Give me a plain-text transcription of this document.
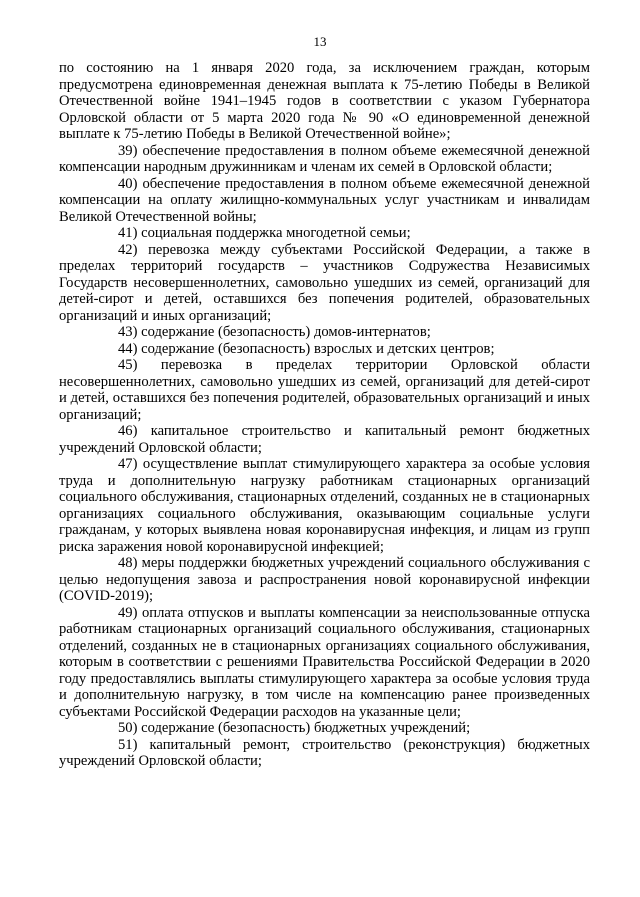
13

по состоянию на 1 января 2020 года, за исключением граждан, которым предусмотрена единовременная денежная выплата к 75-летию Победы в Великой Отечественной войне 1941–1945 годов в соответствии с указом Губернатора Орловской области от 5 марта 2020 года № 90 «О единовременной денежной выплате к 75-летию Победы в Великой Отечественной войне»;

39) обеспечение предоставления в полном объеме ежемесячной денежной компенсации народным дружинникам и членам их семей в Орловской области;

40) обеспечение предоставления в полном объеме ежемесячной денежной компенсации на оплату жилищно-коммунальных услуг участникам и инвалидам Великой Отечественной войны;

41) социальная поддержка многодетной семьи;

42) перевозка между субъектами Российской Федерации, а также в пределах территорий государств – участников Содружества Независимых Государств несовершеннолетних, самовольно ушедших из семей, организаций для детей-сирот и детей, оставшихся без попечения родителей, образовательных организаций и иных организаций;

43) содержание (безопасность) домов-интернатов;

44) содержание (безопасность) взрослых и детских центров;

45) перевозка в пределах территории Орловской области несовершеннолетних, самовольно ушедших из семей, организаций для детей-сирот и детей, оставшихся без попечения родителей, образовательных организаций и иных организаций;

46) капитальное строительство и капитальный ремонт бюджетных учреждений Орловской области;

47) осуществление выплат стимулирующего характера за особые условия труда и дополнительную нагрузку работникам стационарных организаций социального обслуживания, стационарных отделений, созданных не в стационарных организациях социального обслуживания, оказывающим социальные услуги гражданам, у которых выявлена новая коронавирусная инфекция, и лицам из групп риска заражения новой коронавирусной инфекцией;

48) меры поддержки бюджетных учреждений социального обслуживания с целью недопущения завоза и распространения новой коронавирусной инфекции (COVID-2019);

49) оплата отпусков и выплаты компенсации за неиспользованные отпуска работникам стационарных организаций социального обслуживания, стационарных отделений, созданных не в стационарных организациях социального обслуживания, которым в соответствии с решениями Правительства Российской Федерации в 2020 году предоставлялись выплаты стимулирующего характера за особые условия труда и дополнительную нагрузку, в том числе на компенсацию ранее произведенных субъектами Российской Федерации расходов на указанные цели;

50) содержание (безопасность) бюджетных учреждений;

51) капитальный ремонт, строительство (реконструкция) бюджетных учреждений Орловской области;
